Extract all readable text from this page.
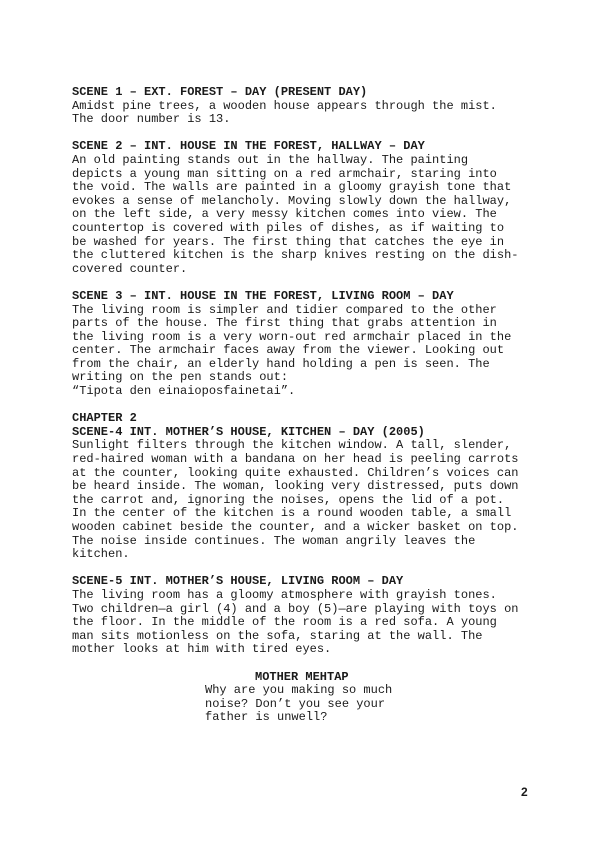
SCENE 1 – EXT. FOREST – DAY (PRESENT DAY)

Amidst pine trees, a wooden house appears through the mist.

The door number is 13.

SCENE 2 – INT. HOUSE IN THE FOREST, HALLWAY – DAY

An old painting stands out in the hallway. The painting

depicts a young man sitting on a red armchair, staring into

the void. The walls are painted in a gloomy grayish tone that

evokes a sense of melancholy. Moving slowly down the hallway,

on the left side, a very messy kitchen comes into view. The

countertop is covered with piles of dishes, as if waiting to

be washed for years. The first thing that catches the eye in

the cluttered kitchen is the sharp knives resting on the dish-

covered counter.

SCENE 3 – INT. HOUSE IN THE FOREST, LIVING ROOM – DAY

The living room is simpler and tidier compared to the other

parts of the house. The first thing that grabs attention in

the living room is a very worn-out red armchair placed in the

center. The armchair faces away from the viewer. Looking out

from the chair, an elderly hand holding a pen is seen. The

writing on the pen stands out:

“Tipota den einaioposfainetai”.

CHAPTER 2

SCENE-4 INT. MOTHER’S HOUSE, KITCHEN – DAY (2005)

Sunlight filters through the kitchen window. A tall, slender,

red-haired woman with a bandana on her head is peeling carrots

at the counter, looking quite exhausted. Children’s voices can

be heard inside. The woman, looking very distressed, puts down

the carrot and, ignoring the noises, opens the lid of a pot.

In the center of the kitchen is a round wooden table, a small

wooden cabinet beside the counter, and a wicker basket on top.

The noise inside continues. The woman angrily leaves the

kitchen.

SCENE-5 INT. MOTHER’S HOUSE, LIVING ROOM – DAY

The living room has a gloomy atmosphere with grayish tones.

Two children—a girl (4) and a boy (5)—are playing with toys on

the floor. In the middle of the room is a red sofa. A young

man sits motionless on the sofa, staring at the wall. The

mother looks at him with tired eyes.

MOTHER MEHTAP

Why are you making so much

noise? Don’t you see your

father is unwell?

2
